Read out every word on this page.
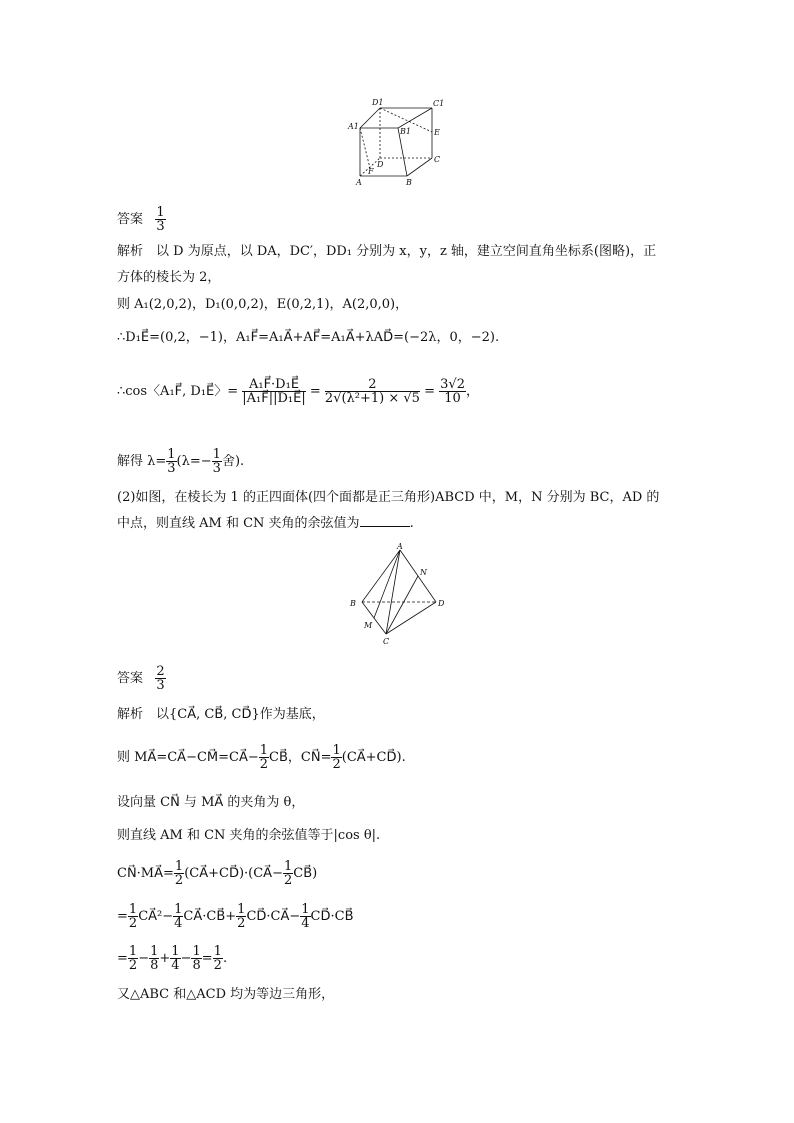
D1	C1
A1
B1	E
D
C
F
A	B
答案 $\frac{1}{3}$
解析　以 D 为原点，以 DA，DC′，DD₁ 分别为 x，y，z 轴，建立空间直角坐标系(图略)，正
方体的棱长为 2，
则 A₁(2,0,2)，D₁(0,0,2)，E(0,2,1)，A(2,0,0)，
∴D₁E⃗=(0,2，−1)，A₁F⃗=A₁A⃗+AF⃗=A₁A⃗+λAD⃗=(−2λ，0，−2).
∴cos〈A₁F⃗, D₁E⃗〉= $\frac{\text{A₁F⃗·D₁E⃗}}{\text{|A₁F⃗||D₁E⃗|}} = \frac{2}{\text{2√(λ²+1) × √5}} = \frac{3√2}{10}$ ，
解得 $\lambda= \frac{1}{3} (\lambda=- \frac{1}{3}$ 舍).
(2)如图，在棱长为 1 的正四面体(四个面都是正三角形)ABCD 中，M，N 分别为 BC，AD 的
中点，则直线 AM 和 CN 夹角的余弦值为	.
A
N
B	D
M
C
答案 $\frac{2}{3}$
解析　以{CA⃗, CB⃗, CD⃗}作为基底，
则 MA⃗=CA⃗−CM⃗=CA⃗− $\frac{1}{2}$ CB⃗，CN⃗= $\frac{1}{2}$ (CA⃗+CD⃗).
设向量 CN⃗ 与 MA⃗ 的夹角为 θ，
则直线 AM 和 CN 夹角的余弦值等于|cos θ|.
CN⃗·MA⃗= $\frac{1}{2}$ (CA⃗+CD⃗)·(CA⃗− $\frac{1}{2}$ CB⃗)
= $\frac{1}{2}$ CA⃗²− $\frac{1}{4}$ CA⃗·CB⃗+ $\frac{1}{2}$ CD⃗·CA⃗− $\frac{1}{4}$ CD⃗·CB⃗
= $\frac{1}{2} - \frac{1}{8} + \frac{1}{4} - \frac{1}{8} = \frac{1}{2}$ .
又△ABC 和△ACD 均为等边三角形，
